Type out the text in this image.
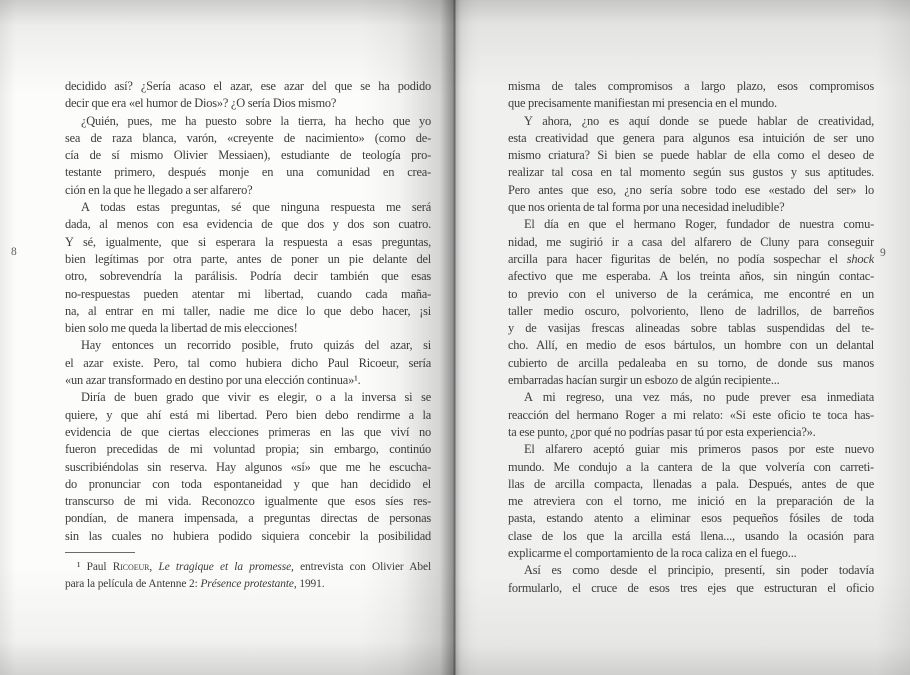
8
decidido así? ¿Sería acaso el azar, ese azar del que se ha podido
decir que era «el humor de Dios»? ¿O sería Dios mismo?
¿Quién, pues, me ha puesto sobre la tierra, ha hecho que yo
sea de raza blanca, varón, «creyente de nacimiento» (como de-
cía de sí mismo Olivier Messiaen), estudiante de teología pro-
testante primero, después monje en una comunidad en crea-
ción en la que he llegado a ser alfarero?
A todas estas preguntas, sé que ninguna respuesta me será
dada, al menos con esa evidencia de que dos y dos son cuatro.
Y sé, igualmente, que si esperara la respuesta a esas preguntas,
bien legítimas por otra parte, antes de poner un pie delante del
otro, sobrevendría la parálisis. Podría decir también que esas
no-respuestas pueden atentar mi libertad, cuando cada maña-
na, al entrar en mi taller, nadie me dice lo que debo hacer, ¡si
bien solo me queda la libertad de mis elecciones!
Hay entonces un recorrido posible, fruto quizás del azar, si
el azar existe. Pero, tal como hubiera dicho Paul Ricoeur, sería
«un azar transformado en destino por una elección continua»¹.
Diría de buen grado que vivir es elegir, o a la inversa si se
quiere, y que ahí está mi libertad. Pero bien debo rendirme a la
evidencia de que ciertas elecciones primeras en las que viví no
fueron precedidas de mi voluntad propia; sin embargo, continúo
suscribiéndolas sin reserva. Hay algunos «sí» que me he escucha-
do pronunciar con toda espontaneidad y que han decidido el
transcurso de mi vida. Reconozco igualmente que esos síes res-
pondían, de manera impensada, a preguntas directas de personas
sin las cuales no hubiera podido siquiera concebir la posibilidad
¹ Paul Ricoeur, Le tragique et la promesse, entrevista con Olivier Abel
para la película de Antenne 2: Présence protestante, 1991.
9
misma de tales compromisos a largo plazo, esos compromisos
que precisamente manifiestan mi presencia en el mundo.
Y ahora, ¿no es aquí donde se puede hablar de creatividad,
esta creatividad que genera para algunos esa intuición de ser uno
mismo criatura? Si bien se puede hablar de ella como el deseo de
realizar tal cosa en tal momento según sus gustos y sus aptitudes.
Pero antes que eso, ¿no sería sobre todo ese «estado del ser» lo
que nos orienta de tal forma por una necesidad ineludible?
El día en que el hermano Roger, fundador de nuestra comu-
nidad, me sugirió ir a casa del alfarero de Cluny para conseguir
arcilla para hacer figuritas de belén, no podía sospechar el shock
afectivo que me esperaba. A los treinta años, sin ningún contac-
to previo con el universo de la cerámica, me encontré en un
taller medio oscuro, polvoriento, lleno de ladrillos, de barreños
y de vasijas frescas alineadas sobre tablas suspendidas del te-
cho. Allí, en medio de esos bártulos, un hombre con un delantal
cubierto de arcilla pedaleaba en su torno, de donde sus manos
embarradas hacían surgir un esbozo de algún recipiente...
A mi regreso, una vez más, no pude prever esa inmediata
reacción del hermano Roger a mi relato: «Si este oficio te toca has-
ta ese punto, ¿por qué no podrías pasar tú por esta experiencia?».
El alfarero aceptó guiar mis primeros pasos por este nuevo
mundo. Me condujo a la cantera de la que volvería con carreti-
llas de arcilla compacta, llenadas a pala. Después, antes de que
me atreviera con el torno, me inició en la preparación de la
pasta, estando atento a eliminar esos pequeños fósiles de toda
clase de los que la arcilla está llena..., usando la ocasión para
explicarme el comportamiento de la roca caliza en el fuego...
Así es como desde el principio, presentí, sin poder todavía
formularlo, el cruce de esos tres ejes que estructuran el oficio
